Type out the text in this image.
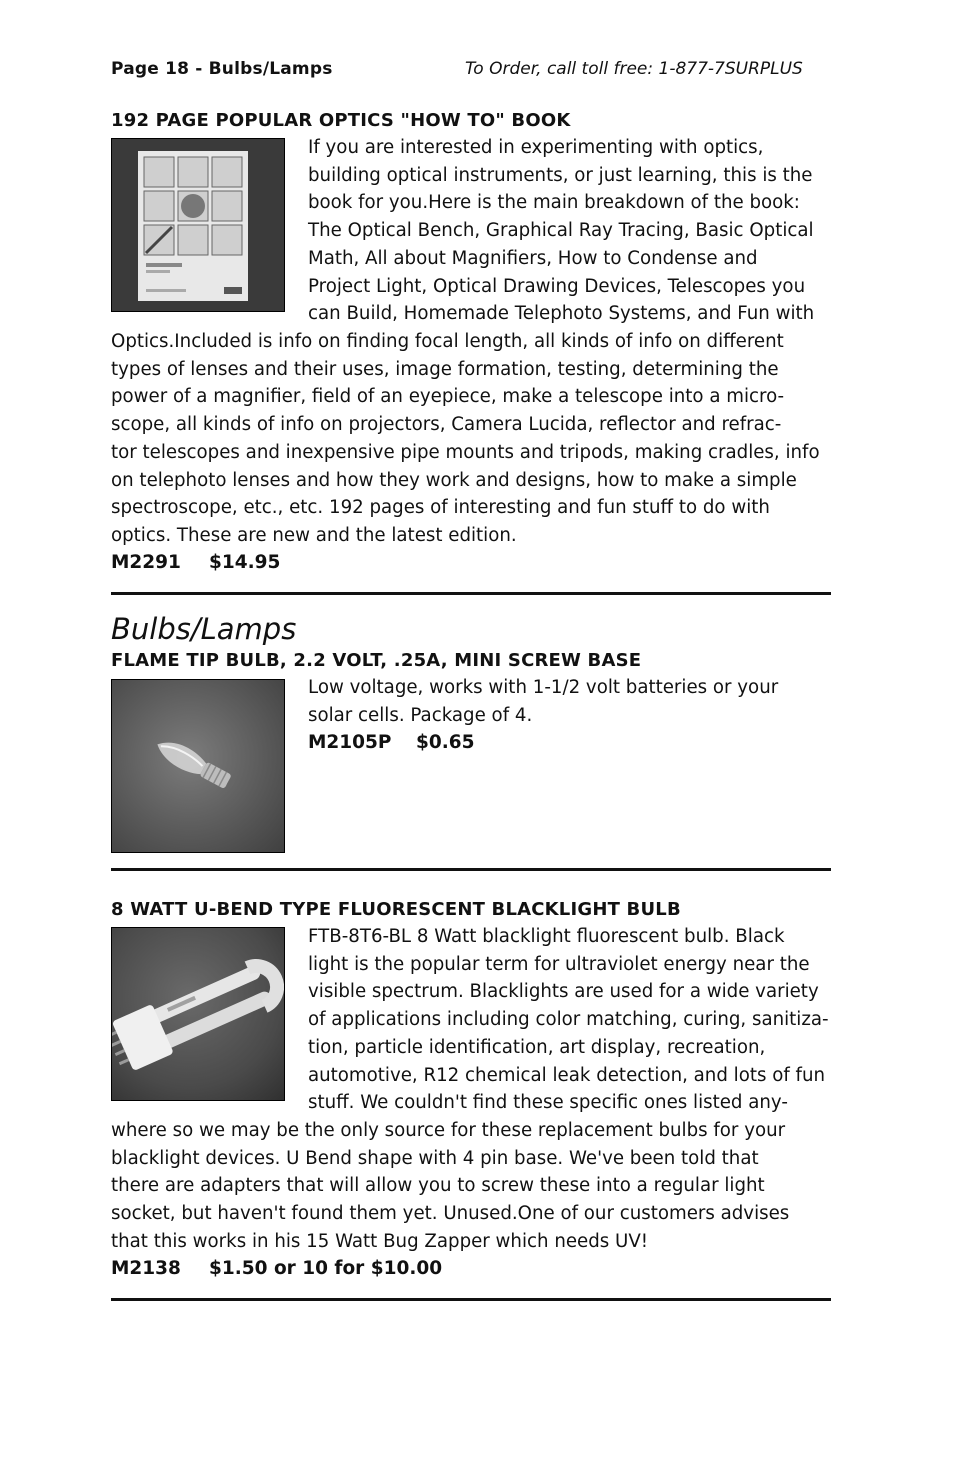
Page 18 - Bulbs/Lamps	To Order, call toll free: 1-877-7SURPLUS
192 PAGE POPULAR OPTICS "HOW TO" BOOK
If you are interested in experimenting with optics,
building optical instruments, or just learning, this is the
book for you.Here is the main breakdown of the book:
The Optical Bench, Graphical Ray Tracing, Basic Optical
Math, All about Magnifiers, How to Condense and
Project Light, Optical Drawing Devices, Telescopes you
can Build, Homemade Telephoto Systems, and Fun with
Optics.Included is info on finding focal length, all kinds of info on different
types of lenses and their uses, image formation, testing, determining the
power of a magnifier, field of an eyepiece, make a telescope into a micro-
scope, all kinds of info on projectors, Camera Lucida, reflector and refrac-
tor telescopes and inexpensive pipe mounts and tripods, making cradles, info
on telephoto lenses and how they work and designs, how to make a simple
spectroscope, etc., etc. 192 pages of interesting and fun stuff to do with
optics. These are new and the latest edition.
M2291 $14.95
Bulbs/Lamps
FLAME TIP BULB, 2.2 VOLT, .25A, MINI SCREW BASE
Low voltage, works with 1-1/2 volt batteries or your
solar cells. Package of 4.
M2105P $0.65
8 WATT U-BEND TYPE FLUORESCENT BLACKLIGHT BULB
FTB-8T6-BL 8 Watt blacklight fluorescent bulb. Black
light is the popular term for ultraviolet energy near the
visible spectrum. Blacklights are used for a wide variety
of applications including color matching, curing, sanitiza-
tion, particle identification, art display, recreation,
automotive, R12 chemical leak detection, and lots of fun
stuff. We couldn't find these specific ones listed any-
where so we may be the only source for these replacement bulbs for your
blacklight devices. U Bend shape with 4 pin base. We've been told that
there are adapters that will allow you to screw these into a regular light
socket, but haven't found them yet. Unused.One of our customers advises
that this works in his 15 Watt Bug Zapper which needs UV!
M2138 $1.50 or 10 for $10.00
